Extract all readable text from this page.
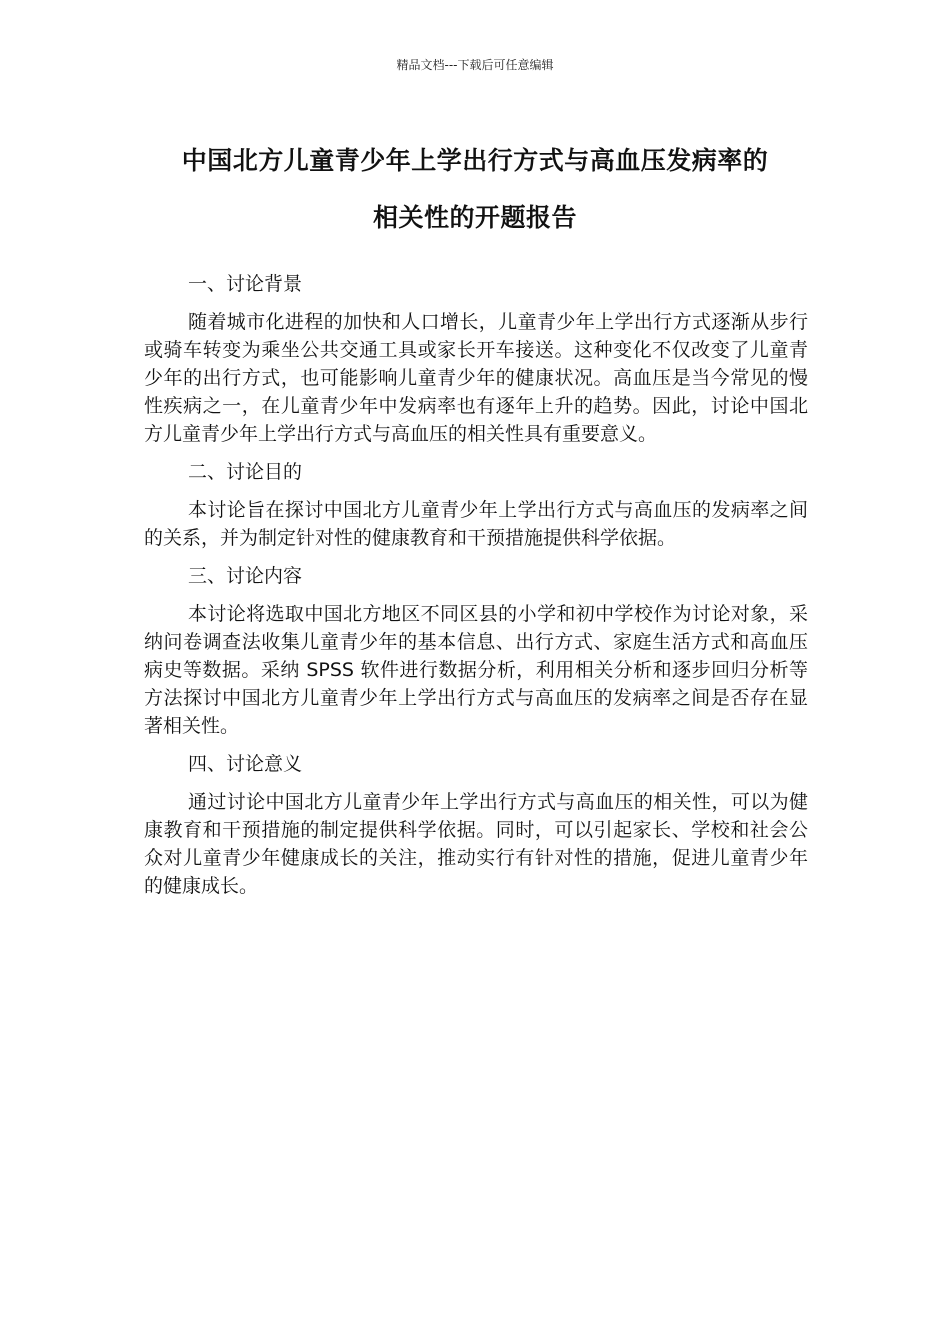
精品文档---下载后可任意编辑
中国北方儿童青少年上学出行方式与高血压发病率的
相关性的开题报告
一、讨论背景

随着城市化进程的加快和人口增长，儿童青少年上学出行方式逐渐从步行或骑车转变为乘坐公共交通工具或家长开车接送。这种变化不仅改变了儿童青少年的出行方式，也可能影响儿童青少年的健康状况。高血压是当今常见的慢性疾病之一，在儿童青少年中发病率也有逐年上升的趋势。因此，讨论中国北方儿童青少年上学出行方式与高血压的相关性具有重要意义。

二、讨论目的

本讨论旨在探讨中国北方儿童青少年上学出行方式与高血压的发病率之间的关系，并为制定针对性的健康教育和干预措施提供科学依据。

三、讨论内容

本讨论将选取中国北方地区不同区县的小学和初中学校作为讨论对象，采纳问卷调查法收集儿童青少年的基本信息、出行方式、家庭生活方式和高血压病史等数据。采纳 SPSS 软件进行数据分析，利用相关分析和逐步回归分析等方法探讨中国北方儿童青少年上学出行方式与高血压的发病率之间是否存在显著相关性。

四、讨论意义

通过讨论中国北方儿童青少年上学出行方式与高血压的相关性，可以为健康教育和干预措施的制定提供科学依据。同时，可以引起家长、学校和社会公众对儿童青少年健康成长的关注，推动实行有针对性的措施，促进儿童青少年的健康成长。
